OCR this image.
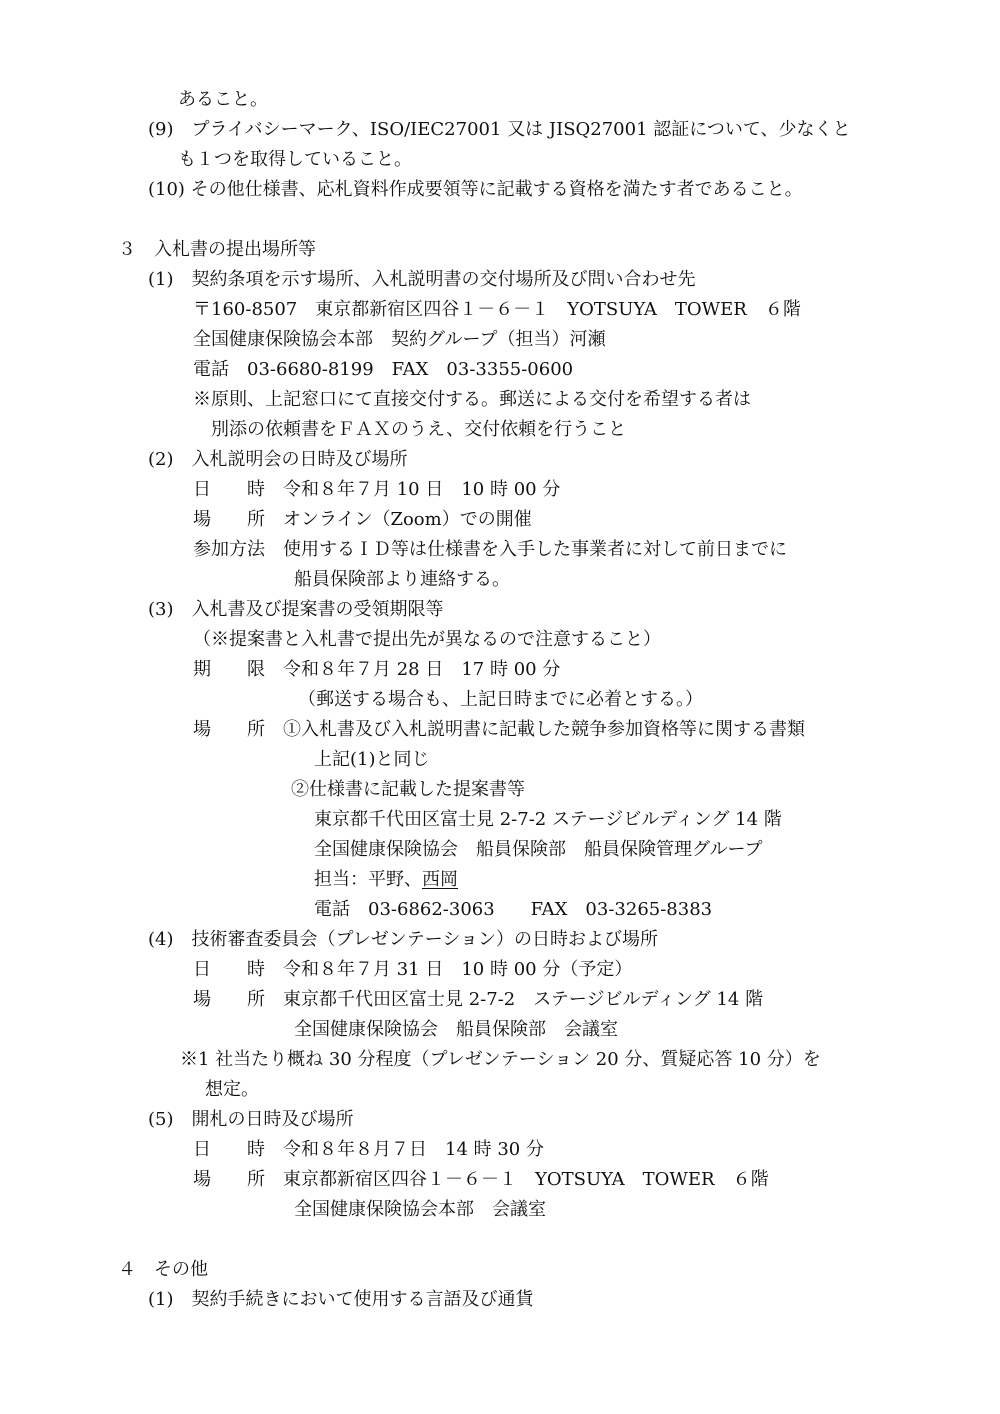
あること。

(9)　プライバシーマーク、ISO/IEC27001 又は JISQ27001 認証について、少なくと

も１つを取得していること。

(10) その他仕様書、応札資料作成要領等に記載する資格を満たす者であること。

３　入札書の提出場所等

(1)　契約条項を示す場所、入札説明書の交付場所及び問い合わせ先

〒160-8507　東京都新宿区四谷１－６－１　YOTSUYA　TOWER　６階

全国健康保険協会本部　契約グループ（担当）河瀬

電話　03-6680-8199　FAX　03-3355-0600

※原則、上記窓口にて直接交付する。郵送による交付を希望する者は

別添の依頼書をＦＡＸのうえ、交付依頼を行うこと

(2)　入札説明会の日時及び場所

日　　時　令和８年７月 10 日　10 時 00 分

場　　所　オンライン（Zoom）での開催

参加方法　使用するＩＤ等は仕様書を入手した事業者に対して前日までに

船員保険部より連絡する。

(3)　入札書及び提案書の受領期限等

（※提案書と入札書で提出先が異なるので注意すること）

期　　限　令和８年７月 28 日　17 時 00 分

（郵送する場合も、上記日時までに必着とする。）

場　　所　①入札書及び入札説明書に記載した競争参加資格等に関する書類

上記(1)と同じ

②仕様書に記載した提案書等

東京都千代田区富士見 2-7-2 ステージビルディング 14 階

全国健康保険協会　船員保険部　船員保険管理グループ

担当：平野、西岡

電話　03-6862-3063　　FAX　03-3265-8383

(4)　技術審査委員会（プレゼンテーション）の日時および場所

日　　時　令和８年７月 31 日　10 時 00 分（予定）

場　　所　東京都千代田区富士見 2-7-2　ステージビルディング 14 階

全国健康保険協会　船員保険部　会議室

※1 社当たり概ね 30 分程度（プレゼンテーション 20 分、質疑応答 10 分）を

想定。

(5)　開札の日時及び場所

日　　時　令和８年８月７日　14 時 30 分

場　　所　東京都新宿区四谷１－６－１　YOTSUYA　TOWER　６階

全国健康保険協会本部　会議室

４　その他

(1)　契約手続きにおいて使用する言語及び通貨
